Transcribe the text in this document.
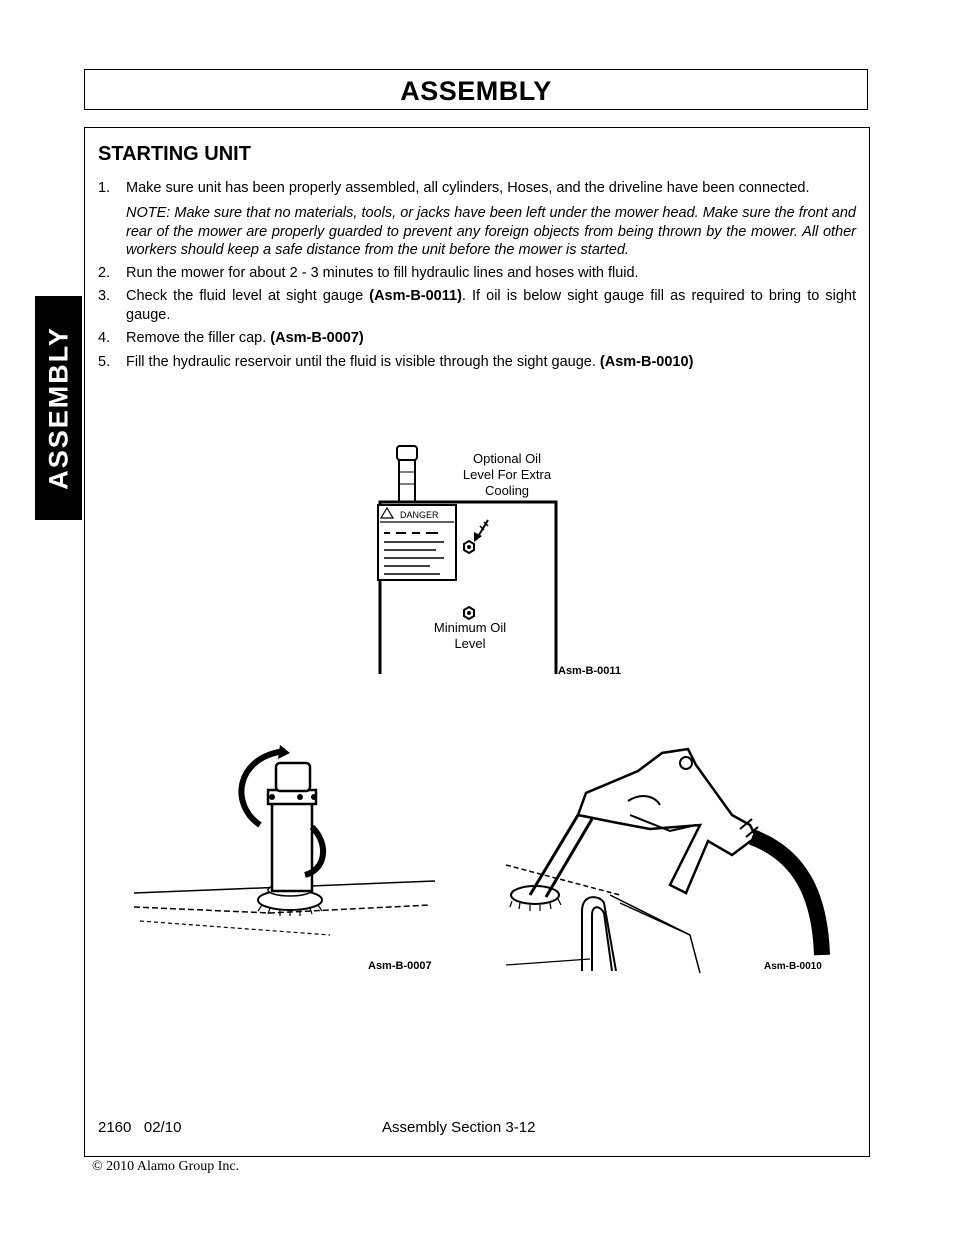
ASSEMBLY
ASSEMBLY
STARTING UNIT
1. Make sure unit has been properly assembled, all cylinders, Hoses, and the driveline have been connected.
NOTE: Make sure that no materials, tools, or jacks have been left under the mower head. Make sure the front and rear of the mower are properly guarded to prevent any foreign objects from being thrown by the mower. All other workers should keep a safe distance from the unit before the mower is started.
2. Run the mower for about 2 - 3 minutes to fill hydraulic lines and hoses with fluid.
3. Check the fluid level at sight gauge (Asm-B-0011). If oil is below sight gauge fill as required to bring to sight gauge.
4. Remove the filler cap. (Asm-B-0007)
5. Fill the hydraulic reservoir until the fluid is visible through the sight gauge. (Asm-B-0010)
DANGER
Optional Oil
Level For Extra
Cooling
Minimum Oil
Level
Asm-B-0011
Asm-B-0007	Asm-B-0010
2160   02/10	Assembly Section 3-12
© 2010 Alamo Group Inc.
